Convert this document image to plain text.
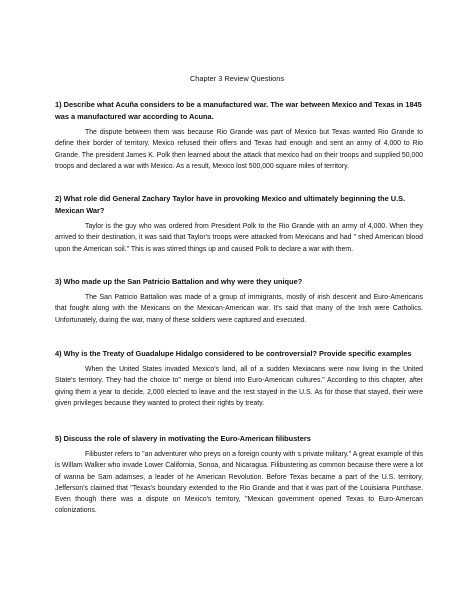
Chapter 3 Review Questions

1) Describe what Acuña considers to be a manufactured war. The war between Mexico and Texas in 1845 was a manufactured war according to Acuna.

The dispute between them was because Rio Grande was part of Mexico but Texas wanted Rio Grande to define their border of territory. Mexico refused their offers and Texas had enough and sent an army of 4,000 to Rio Grande. The president James K. Polk then learned about the attack that mexico had on their troops and supplied 50,000 troops and declared a war with Mexico. As a result, Mexico lost 500,000 square miles of territory.

2) What role did General Zachary Taylor have in provoking Mexico and ultimately beginning the U.S. Mexican War?

Taylor is the guy who was ordered from President Polk to the Rio Grande with an army of 4,000. When they arrived to their destination, it was said that Taylor's troops were attacked from Mexicans and had " shed American blood upon the American soil." This is was stirred things up and caused Polk to declare a war with them.

3) Who made up the San Patricio Battalion and why were they unique?

The San Patricio Battalion was made of a group of immigrants, mostly of irish descent and Euro-Americans that fought along with the Mexicans on the Mexican-American war. It's said that many of the Irish were Catholics. Unfortunately, during the war, many of these soldiers were captured and executed.

4) Why is the Treaty of Guadalupe Hidalgo considered to be controversial? Provide specific examples

When the United States invaded Mexico's land, all of a sudden Mexiacans were now living in the United State's territory. They had the choice to" merge or blend into Euro-American cultures." According to this chapter, after giving them a year to decide, 2,000 elected to leave and the rest stayed in the U.S. As for those that stayed, their were given privileges because they wanted to protect their rights by treaty.

5) Discuss the role of slavery in motivating the Euro-American filibusters

Filibuster refers to "an adventurer who preys on a foreign county with s private military." A great example of this is Willam Walker who invade Lower California, Sonoa, and Nicaragua. Filibustering as common because there were a lot of wanna be Sam adamses, a leader of he American Revolution. Before Texas became a part of the U.S. territory, Jefferson's claimed that "Texas's boundary extended to the Rio Grande and that it was part of the Louisiana Purchase. Even though there was a dispute on Mexico's territory, "Mexican government opened Texas to Euro-Amercan colonizations.
